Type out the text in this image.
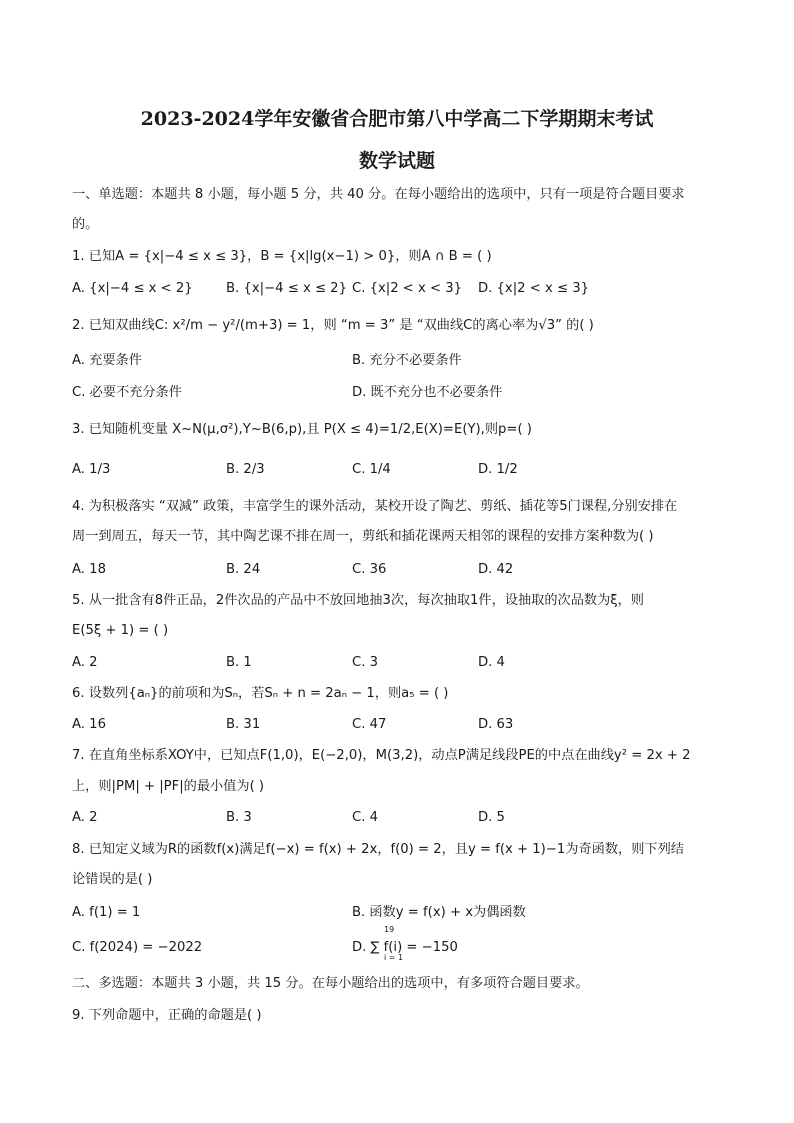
2023-2024学年安徽省合肥市第八中学高二下学期期末考试
数学试题
一、单选题：本题共 8 小题，每小题 5 分，共 40 分。在每小题给出的选项中，只有一项是符合题目要求
的。
1. 已知A = {x|−4 ≤ x ≤ 3}，B = {x|lg(x−1) > 0}，则A ∩ B = ( )
A. {x|−4 ≤ x < 2}	B. {x|−4 ≤ x ≤ 2} C. {x|2 < x < 3} D. {x|2 < x ≤ 3}
2. 已知双曲线C: x²/m − y²/(m+3) = 1，则 “m = 3” 是 “双曲线C的离心率为√3” 的( )
A. 充要条件	B. 充分不必要条件
C. 必要不充分条件	D. 既不充分也不必要条件
3. 已知随机变量 X~N(μ,σ²),Y~B(6,p),且 P(X ≤ 4)=1/2,E(X)=E(Y),则p=( )
A. 1/3	B. 2/3	C. 1/4	D. 1/2
4. 为积极落实 “双减” 政策，丰富学生的课外活动，某校开设了陶艺、剪纸、插花等5门课程,分别安排在
周一到周五，每天一节，其中陶艺课不排在周一，剪纸和插花课两天相邻的课程的安排方案种数为( )
A. 18	B. 24	C. 36	D. 42
5. 从一批含有8件正品，2件次品的产品中不放回地抽3次，每次抽取1件，设抽取的次品数为ξ，则
E(5ξ + 1) = ( )
A. 2	B. 1	C. 3	D. 4
6. 设数列{aₙ}的前项和为Sₙ，若Sₙ + n = 2aₙ − 1，则a₅ = ( )
A. 16	B. 31	C. 47	D. 63
7. 在直角坐标系XOY中，已知点F(1,0)，E(−2,0)，M(3,2)，动点P满足线段PE的中点在曲线y² = 2x + 2
上，则|PM| + |PF|的最小值为( )
A. 2	B. 3	C. 4	D. 5
8. 已知定义域为R的函数f(x)满足f(−x) = f(x) + 2x，f(0) = 2，且y = f(x + 1)−1为奇函数，则下列结
论错误的是( )
A. f(1) = 1	B. 函数y = f(x) + x为偶函数
C. f(2024) = −2022	D. ∑ f(i) = −150
19
i = 1
二、多选题：本题共 3 小题，共 15 分。在每小题给出的选项中，有多项符合题目要求。
9. 下列命题中，正确的命题是( )
